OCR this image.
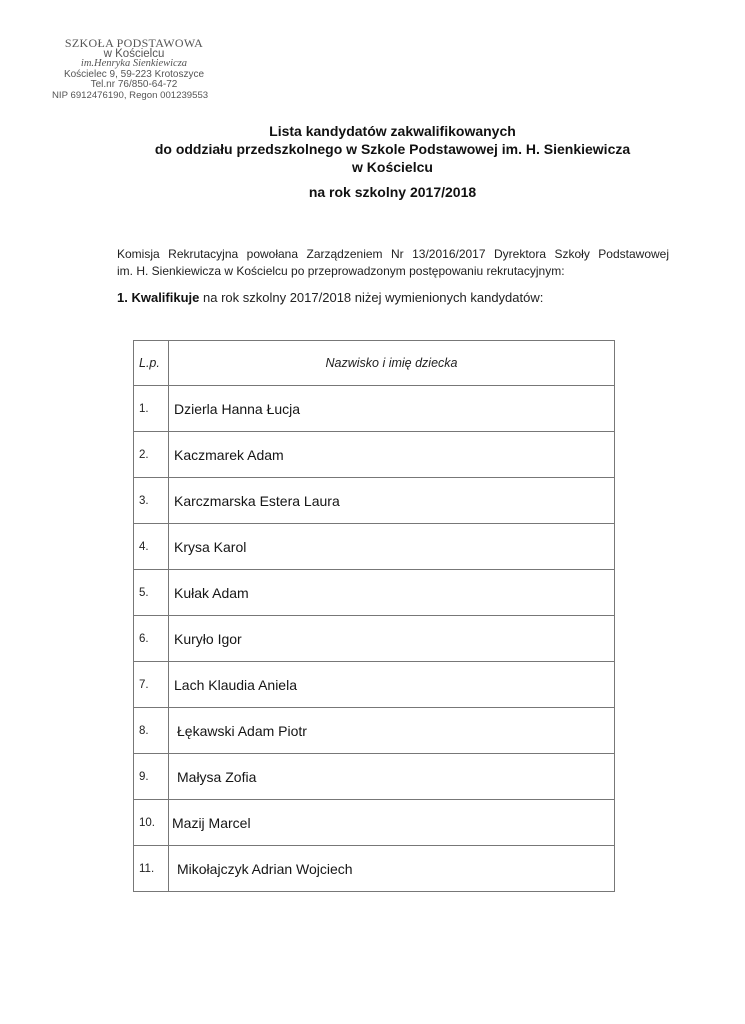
SZKOŁA PODSTAWOWA
w Kościelcu
im.Henryka Sienkiewicza
Kościelec 9, 59-223 Krotoszyce
Tel.nr 76/850-64-72
NIP 6912476190, Regon 001239553
Lista kandydatów zakwalifikowanych
do oddziału przedszkolnego w Szkole Podstawowej im. H. Sienkiewicza
w Kościelcu
na rok szkolny 2017/2018
Komisja Rekrutacyjna powołana Zarządzeniem Nr 13/2016/2017 Dyrektora Szkoły Podstawowej
im. H. Sienkiewicza w Kościelcu po przeprowadzonym postępowaniu rekrutacyjnym:
1. Kwalifikuje na rok szkolny 2017/2018 niżej wymienionych kandydatów:
L.p.	Nazwisko i imię dziecka
1.	Dzierla Hanna Łucja
2.	Kaczmarek Adam
3.	Karczmarska Estera Laura
4.	Krysa Karol
5.	Kułak Adam
6.	Kuryło Igor
7.	Lach Klaudia Aniela
8.	Łękawski Adam Piotr
9.	Małysa Zofia
10.	Mazij Marcel
11.	Mikołajczyk Adrian Wojciech
